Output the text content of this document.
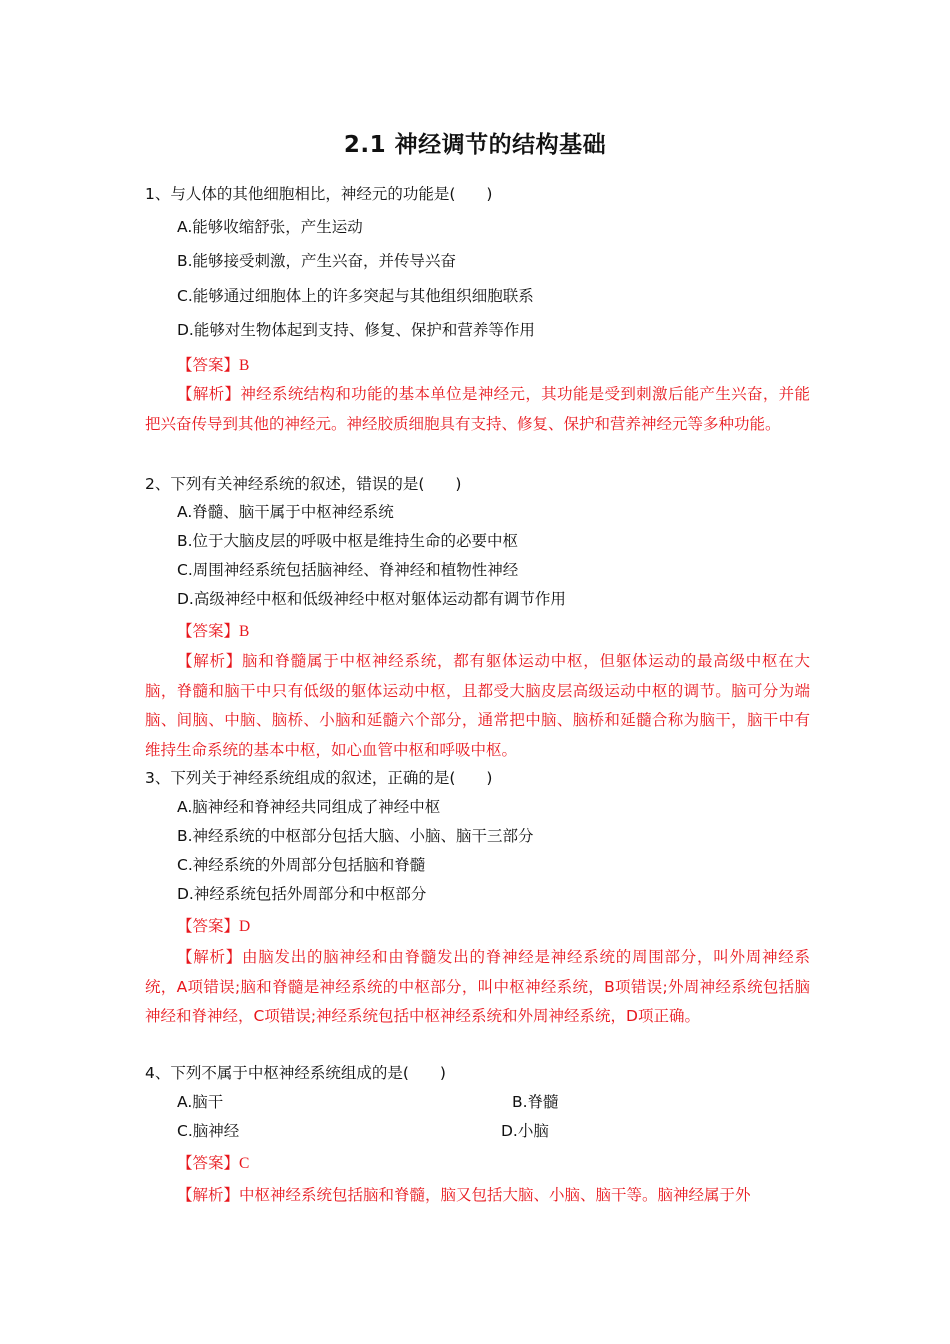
2.1 神经调节的结构基础
1、与人体的其他细胞相比，神经元的功能是(　　)
A.能够收缩舒张，产生运动
B.能够接受刺激，产生兴奋，并传导兴奋
C.能够通过细胞体上的许多突起与其他组织细胞联系
D.能够对生物体起到支持、修复、保护和营养等作用
【答案】B
【解析】神经系统结构和功能的基本单位是神经元，其功能是受到刺激后能产生兴奋，并能把兴奋传导到其他的神经元。神经胶质细胞具有支持、修复、保护和营养神经元等多种功能。
2、下列有关神经系统的叙述，错误的是(　　)
A.脊髓、脑干属于中枢神经系统
B.位于大脑皮层的呼吸中枢是维持生命的必要中枢
C.周围神经系统包括脑神经、脊神经和植物性神经
D.高级神经中枢和低级神经中枢对躯体运动都有调节作用
【答案】B
【解析】脑和脊髓属于中枢神经系统，都有躯体运动中枢，但躯体运动的最高级中枢在大脑，脊髓和脑干中只有低级的躯体运动中枢，且都受大脑皮层高级运动中枢的调节。脑可分为端脑、间脑、中脑、脑桥、小脑和延髓六个部分，通常把中脑、脑桥和延髓合称为脑干，脑干中有维持生命系统的基本中枢，如心血管中枢和呼吸中枢。
3、下列关于神经系统组成的叙述，正确的是(　　)
A.脑神经和脊神经共同组成了神经中枢
B.神经系统的中枢部分包括大脑、小脑、脑干三部分
C.神经系统的外周部分包括脑和脊髓
D.神经系统包括外周部分和中枢部分
【答案】D
【解析】由脑发出的脑神经和由脊髓发出的脊神经是神经系统的周围部分，叫外周神经系统，A项错误;脑和脊髓是神经系统的中枢部分，叫中枢神经系统，B项错误;外周神经系统包括脑神经和脊神经，C项错误;神经系统包括中枢神经系统和外周神经系统，D项正确。
4、下列不属于中枢神经系统组成的是(　　)
A.脑干	B.脊髓
C.脑神经	D.小脑
【答案】C
【解析】中枢神经系统包括脑和脊髓，脑又包括大脑、小脑、脑干等。脑神经属于外
